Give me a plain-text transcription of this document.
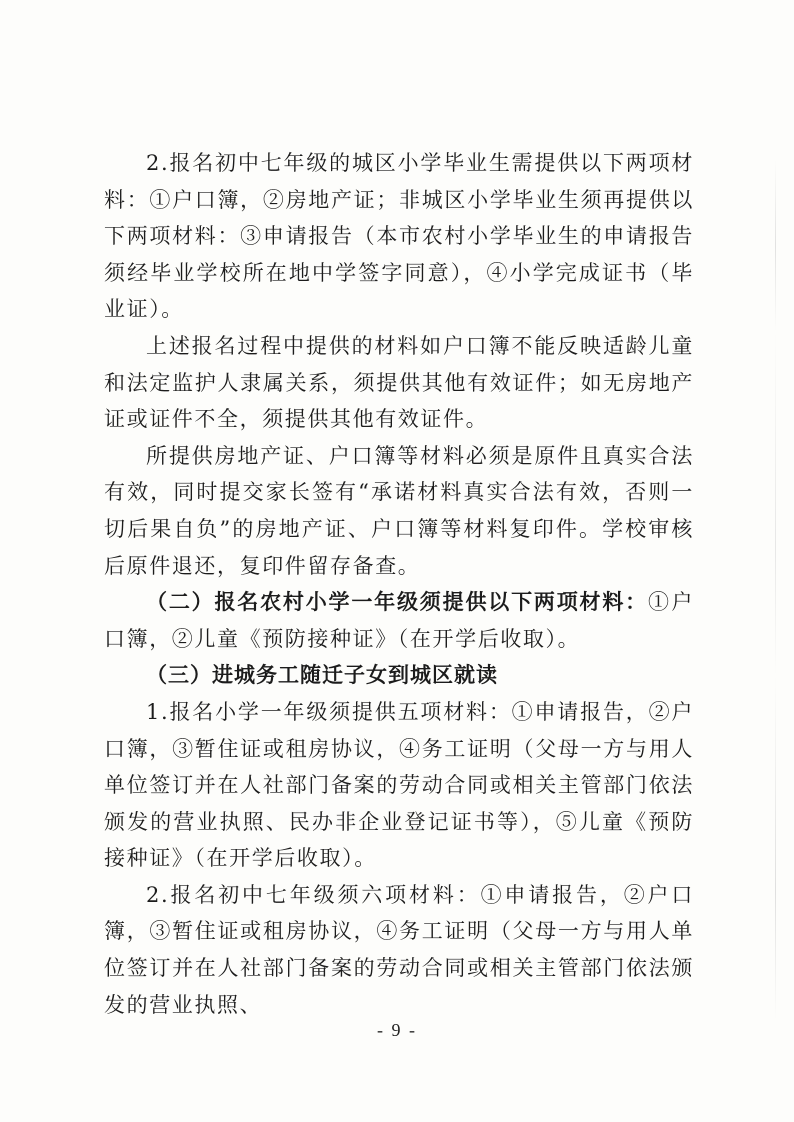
2.报名初中七年级的城区小学毕业生需提供以下两项材料：①户口簿，②房地产证；非城区小学毕业生须再提供以下两项材料：③申请报告（本市农村小学毕业生的申请报告须经毕业学校所在地中学签字同意），④小学完成证书（毕业证）。

上述报名过程中提供的材料如户口簿不能反映适龄儿童和法定监护人隶属关系，须提供其他有效证件；如无房地产证或证件不全，须提供其他有效证件。

所提供房地产证、户口簿等材料必须是原件且真实合法有效，同时提交家长签有“承诺材料真实合法有效，否则一切后果自负”的房地产证、户口簿等材料复印件。学校审核后原件退还，复印件留存备查。

（二）报名农村小学一年级须提供以下两项材料：①户口簿，②儿童《预防接种证》（在开学后收取）。

（三）进城务工随迁子女到城区就读

1.报名小学一年级须提供五项材料：①申请报告，②户口簿，③暂住证或租房协议，④务工证明（父母一方与用人单位签订并在人社部门备案的劳动合同或相关主管部门依法颁发的营业执照、民办非企业登记证书等），⑤儿童《预防接种证》（在开学后收取）。

2.报名初中七年级须六项材料：①申请报告，②户口簿，③暂住证或租房协议，④务工证明（父母一方与用人单位签订并在人社部门备案的劳动合同或相关主管部门依法颁发的营业执照、

- 9 -
